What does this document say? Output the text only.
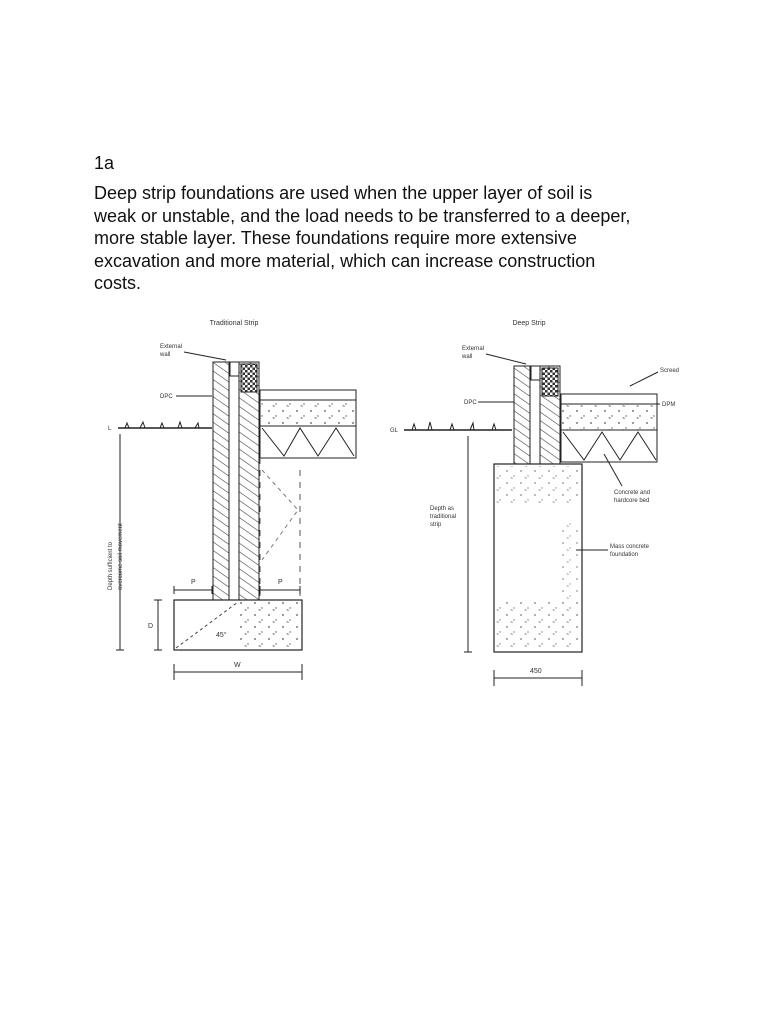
1a

Deep strip foundations are used when the upper layer of soil is
weak or unstable, and the load needs to be transferred to a deeper,
more stable layer. These foundations require more extensive
excavation and more material, which can increase construction
costs.

Traditional Strip
L
45°
P	P
D
Depth sufficient to overcome soil movement
W
External wall
DPC
Deep Strip
GL
Depth as traditional strip
450
External wall
DPC
Screed
DPM
Concrete and hardcore bed
Mass concrete foundation
